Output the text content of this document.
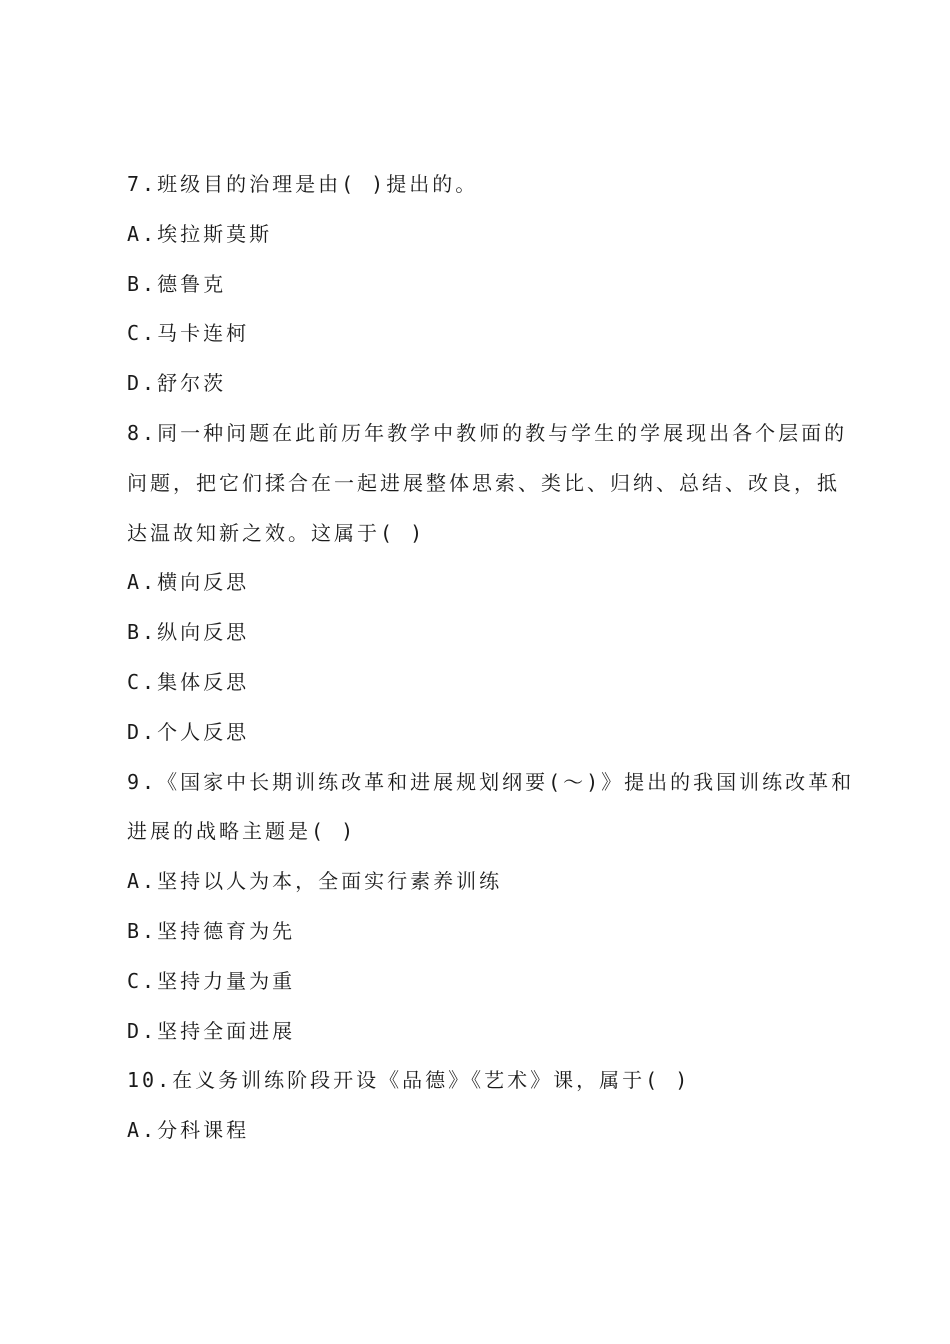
7.班级目的治理是由( )提出的。
A.埃拉斯莫斯
B.德鲁克
C.马卡连柯
D.舒尔茨
8.同一种问题在此前历年教学中教师的教与学生的学展现出各个层面的
问题，把它们揉合在一起进展整体思索、类比、归纳、总结、改良，抵
达温故知新之效。这属于( )
A.横向反思
B.纵向反思
C.集体反思
D.个人反思
9.《国家中长期训练改革和进展规划纲要(～)》提出的我国训练改革和
进展的战略主题是( )
A.坚持以人为本，全面实行素养训练
B.坚持德育为先
C.坚持力量为重
D.坚持全面进展
10.在义务训练阶段开设《品德》《艺术》课，属于( )
A.分科课程
